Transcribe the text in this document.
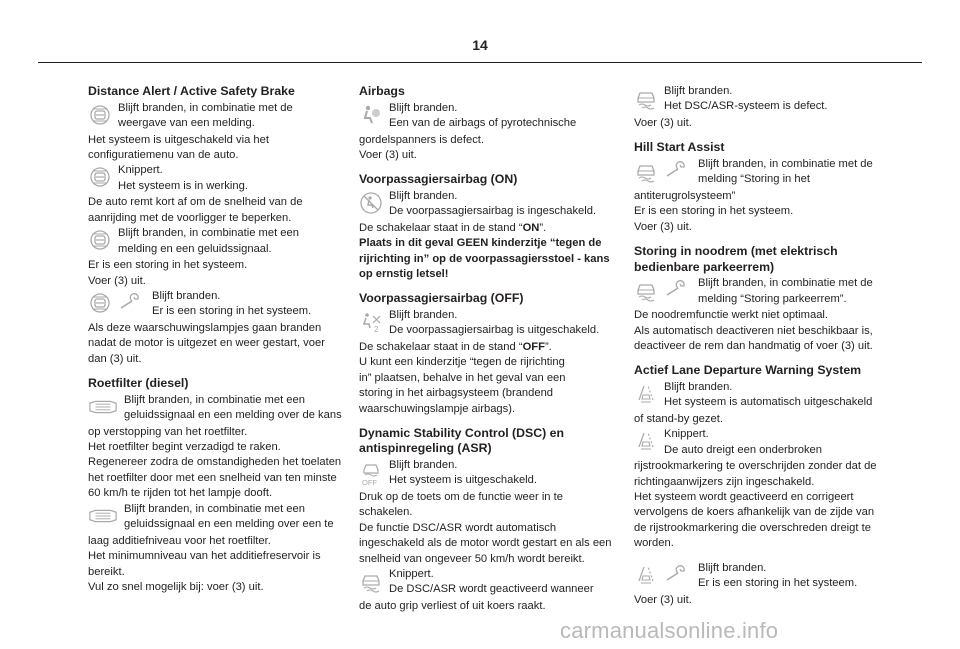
14
Distance Alert / Active Safety Brake

Blijft branden, in combinatie met de

weergave van een melding.

Het systeem is uitgeschakeld via het

configuratiemenu van de auto.

Knippert.

Het systeem is in werking.

De auto remt kort af om de snelheid van de

aanrijding met de voorligger te beperken.

Blijft branden, in combinatie met een

melding en een geluidssignaal.

Er is een storing in het systeem.

Voer (3) uit.

Blijft branden.

Er is een storing in het systeem.

Als deze waarschuwingslampjes gaan branden

nadat de motor is uitgezet en weer gestart, voer

dan (3) uit.

Roetfilter (diesel)

Blijft branden, in combinatie met een

geluidssignaal en een melding over de kans

op verstopping van het roetfilter.

Het roetfilter begint verzadigd te raken.

Regenereer zodra de omstandigheden het toelaten

het roetfilter door met een snelheid van ten minste

60 km/h te rijden tot het lampje dooft.

Blijft branden, in combinatie met een

geluidssignaal en een melding over een te

laag additiefniveau voor het roetfilter.

Het minimumniveau van het additiefreservoir is

bereikt.

Vul zo snel mogelijk bij: voer (3) uit.

Airbags

Blijft branden.

Een van de airbags of pyrotechnische

gordelspanners is defect.

Voer (3) uit.

Voorpassagiersairbag (ON)

Blijft branden.

De voorpassagiersairbag is ingeschakeld.

De schakelaar staat in de stand “ON”.

Plaats in dit geval GEEN kinderzitje “tegen de

rijrichting in” op de voorpassagiersstoel - kans

op ernstig letsel!

Voorpassagiersairbag (OFF)

Blijft branden.

De voorpassagiersairbag is uitgeschakeld.

De schakelaar staat in de stand “OFF”.

U kunt een kinderzitje “tegen de rijrichting

in” plaatsen, behalve in het geval van een

storing in het airbagsysteem (brandend

waarschuwingslampje airbags).

Dynamic Stability Control (DSC) en
antispinregeling (ASR)
OFF

Blijft branden.

Het systeem is uitgeschakeld.

Druk op de toets om de functie weer in te

schakelen.

De functie DSC/ASR wordt automatisch

ingeschakeld als de motor wordt gestart en als een

snelheid van ongeveer 50 km/h wordt bereikt.

Knippert.

De DSC/ASR wordt geactiveerd wanneer

de auto grip verliest of uit koers raakt.

Blijft branden.

Het DSC/ASR-systeem is defect.

Voer (3) uit.

Hill Start Assist

Blijft branden, in combinatie met de

melding “Storing in het

antiterugrolsysteem”

Er is een storing in het systeem.

Voer (3) uit.

Storing in noodrem (met elektrisch
bedienbare parkeerrem)

Blijft branden, in combinatie met de

melding “Storing parkeerrem”.

De noodremfunctie werkt niet optimaal.

Als automatisch deactiveren niet beschikbaar is,

deactiveer de rem dan handmatig of voer (3) uit.

Actief Lane Departure Warning System

Blijft branden.

Het systeem is automatisch uitgeschakeld

of stand-by gezet.

Knippert.

De auto dreigt een onderbroken

rijstrookmarkering te overschrijden zonder dat de

richtingaanwijzers zijn ingeschakeld.

Het systeem wordt geactiveerd en corrigeert

vervolgens de koers afhankelijk van de zijde van

de rijstrookmarkering die overschreden dreigt te

worden.

Blijft branden.

Er is een storing in het systeem.

Voer (3) uit.

carmanualsonline.info
